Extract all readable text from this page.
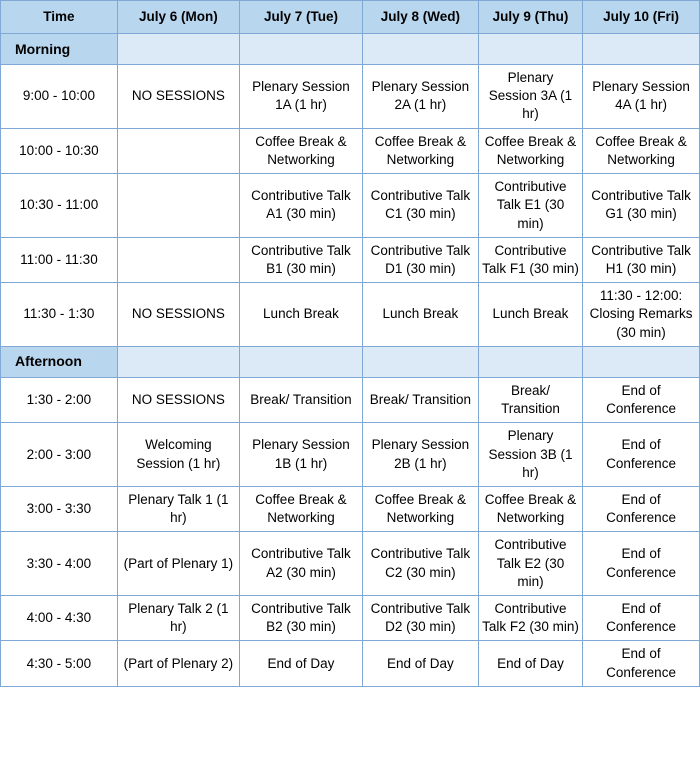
Time	July 6 (Mon)	July 7 (Tue)	July 8 (Wed)	July 9 (Thu)	July 10 (Fri)
Morning					
9:00 - 10:00	NO SESSIONS	Plenary Session 1A (1 hr)	Plenary Session 2A (1 hr)	Plenary Session 3A (1 hr)	Plenary Session 4A (1 hr)
10:00 - 10:30		Coffee Break & Networking	Coffee Break & Networking	Coffee Break & Networking	Coffee Break & Networking
10:30 - 11:00		Contributive Talk A1 (30 min)	Contributive Talk C1 (30 min)	Contributive Talk E1 (30 min)	Contributive Talk G1 (30 min)
11:00 - 11:30		Contributive Talk B1 (30 min)	Contributive Talk D1 (30 min)	Contributive Talk F1 (30 min)	Contributive Talk H1 (30 min)
11:30 - 1:30	NO SESSIONS	Lunch Break	Lunch Break	Lunch Break	11:30 - 12:00: Closing Remarks (30 min)
Afternoon					
1:30 - 2:00	NO SESSIONS	Break/ Transition	Break/ Transition	Break/ Transition	End of Conference
2:00 - 3:00	Welcoming Session (1 hr)	Plenary Session 1B (1 hr)	Plenary Session 2B (1 hr)	Plenary Session 3B (1 hr)	End of Conference
3:00 - 3:30	Plenary Talk 1 (1 hr)	Coffee Break & Networking	Coffee Break & Networking	Coffee Break & Networking	End of Conference
3:30 - 4:00	(Part of Plenary 1)	Contributive Talk A2 (30 min)	Contributive Talk C2 (30 min)	Contributive Talk E2 (30 min)	End of Conference
4:00 - 4:30	Plenary Talk 2 (1 hr)	Contributive Talk B2 (30 min)	Contributive Talk D2 (30 min)	Contributive Talk F2 (30 min)	End of Conference
4:30 - 5:00	(Part of Plenary 2)	End of Day	End of Day	End of Day	End of Conference
